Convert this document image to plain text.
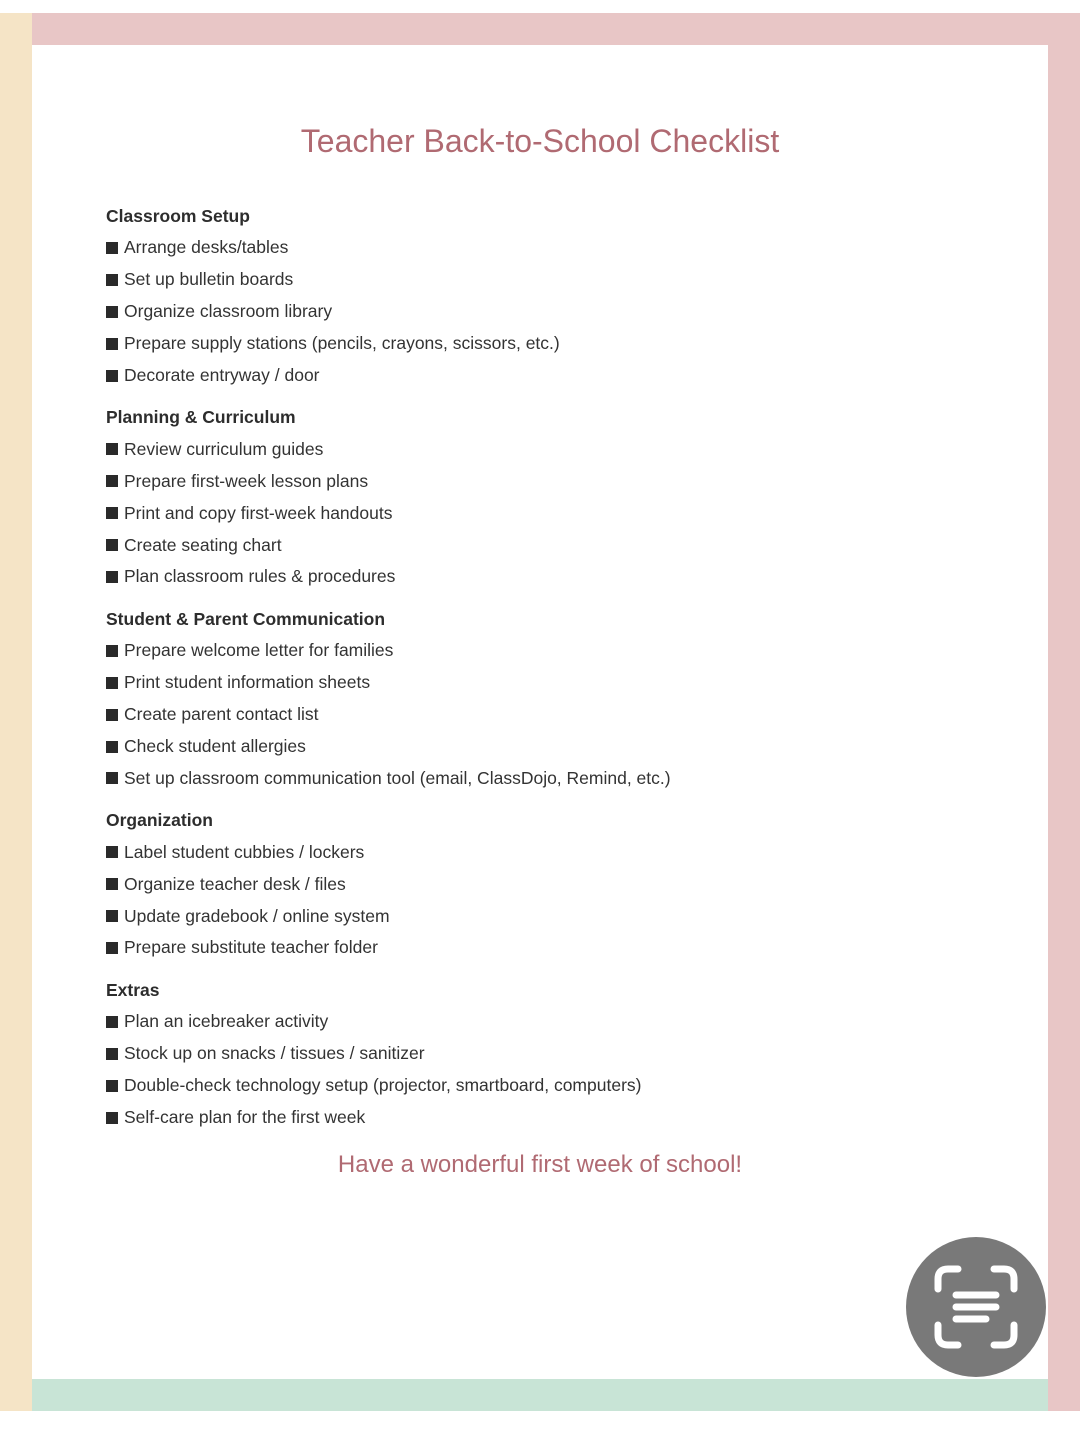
Teacher Back-to-School Checklist
Classroom Setup
Arrange desks/tables
Set up bulletin boards
Organize classroom library
Prepare supply stations (pencils, crayons, scissors, etc.)
Decorate entryway / door
Planning & Curriculum
Review curriculum guides
Prepare first-week lesson plans
Print and copy first-week handouts
Create seating chart
Plan classroom rules & procedures
Student & Parent Communication
Prepare welcome letter for families
Print student information sheets
Create parent contact list
Check student allergies
Set up classroom communication tool (email, ClassDojo, Remind, etc.)
Organization
Label student cubbies / lockers
Organize teacher desk / files
Update gradebook / online system
Prepare substitute teacher folder
Extras
Plan an icebreaker activity
Stock up on snacks / tissues / sanitizer
Double-check technology setup (projector, smartboard, computers)
Self-care plan for the first week
Have a wonderful first week of school!
